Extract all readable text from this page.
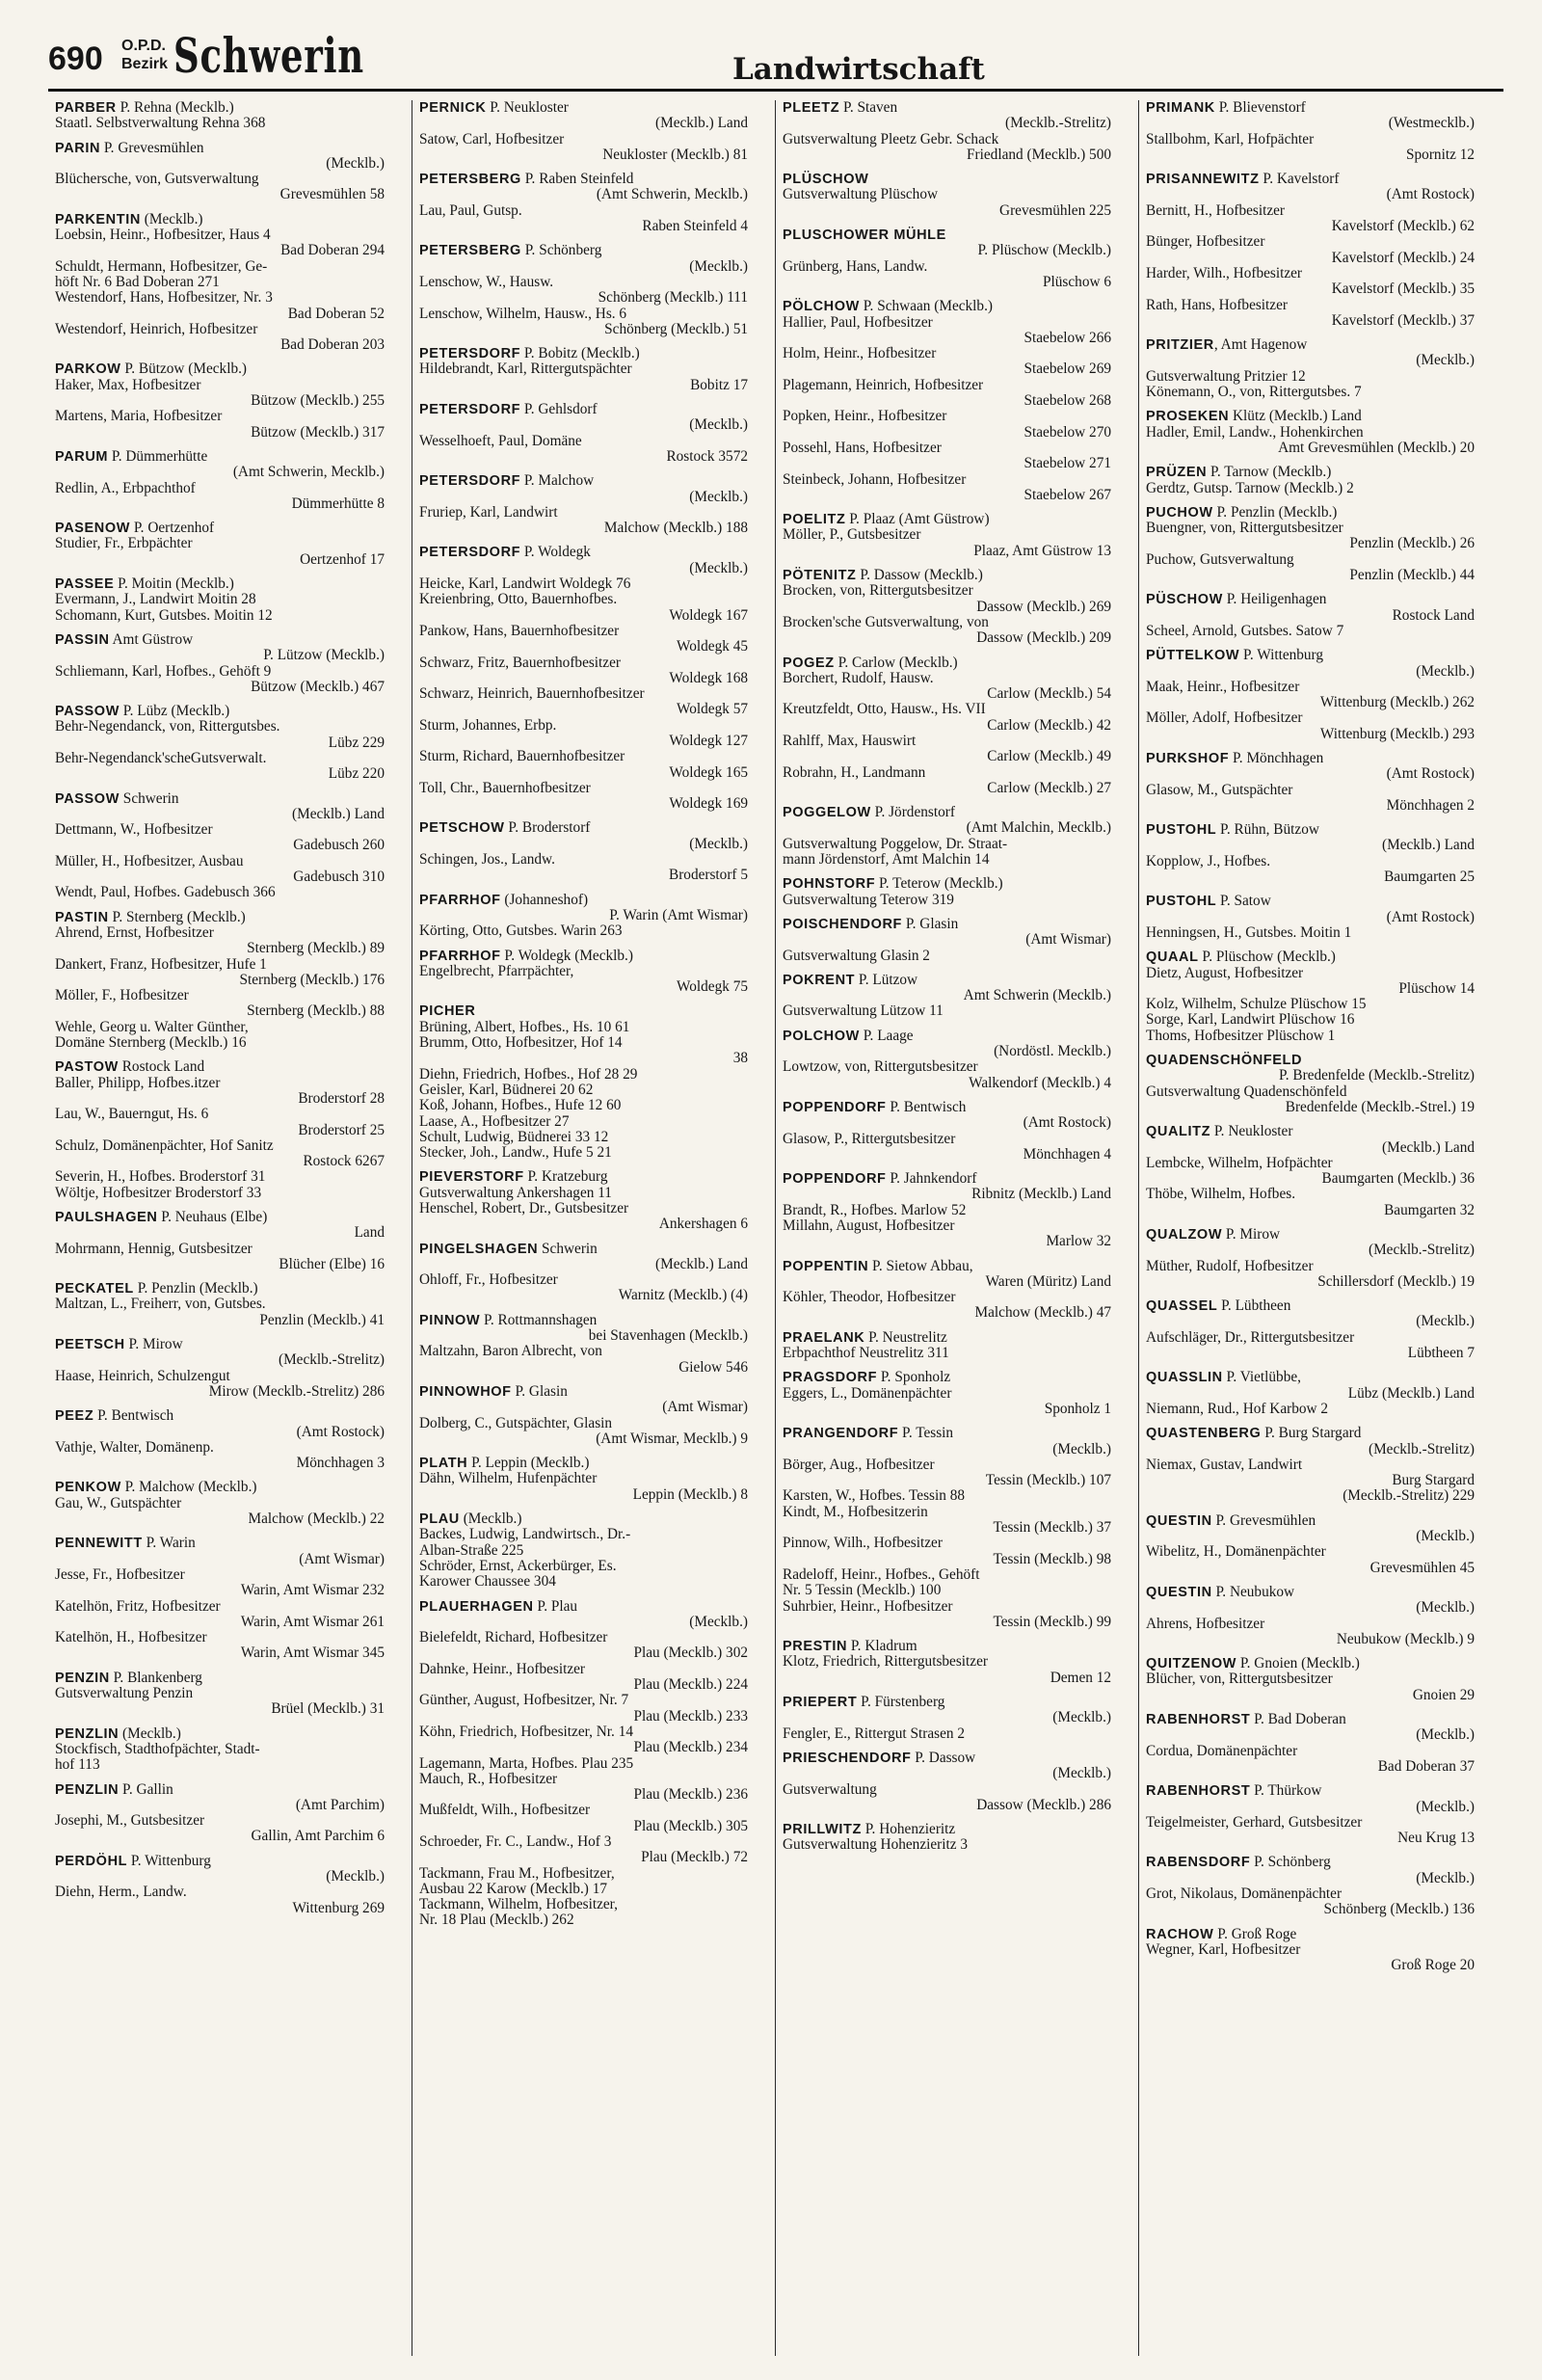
690 O.P.D.
Bezirk Schwerin	Landwirtschaft
PARBER P. Rehna (Mecklb.)
Staatl. Selbstverwaltung Rehna 368
PARIN P. Grevesmühlen
(Mecklb.)
Blüchersche, von, Gutsverwaltung
Grevesmühlen 58
PARKENTIN (Mecklb.)
Loebsin, Heinr., Hofbesitzer, Haus 4
Bad Doberan 294
Schuldt, Hermann, Hofbesitzer, Ge-
höft Nr. 6 Bad Doberan 271
Westendorf, Hans, Hofbesitzer, Nr. 3
Bad Doberan 52
Westendorf, Heinrich, Hofbesitzer
Bad Doberan 203
PARKOW P. Bützow (Mecklb.)
Haker, Max, Hofbesitzer
Bützow (Mecklb.) 255
Martens, Maria, Hofbesitzer
Bützow (Mecklb.) 317
PARUM P. Dümmerhütte
(Amt Schwerin, Mecklb.)
Redlin, A., Erbpachthof
Dümmerhütte 8
PASENOW P. Oertzenhof
Studier, Fr., Erbpächter
Oertzenhof 17
PASSEE P. Moitin (Mecklb.)
Evermann, J., Landwirt Moitin 28
Schomann, Kurt, Gutsbes. Moitin 12
PASSIN Amt Güstrow
P. Lützow (Mecklb.)
Schliemann, Karl, Hofbes., Gehöft 9
Bützow (Mecklb.) 467
PASSOW P. Lübz (Mecklb.)
Behr-Negendanck, von, Rittergutsbes.
Lübz 229
Behr-Negendanck'scheGutsverwalt.
Lübz 220
PASSOW Schwerin
(Mecklb.) Land
Dettmann, W., Hofbesitzer
Gadebusch 260
Müller, H., Hofbesitzer, Ausbau
Gadebusch 310
Wendt, Paul, Hofbes. Gadebusch 366
PASTIN P. Sternberg (Mecklb.)
Ahrend, Ernst, Hofbesitzer
Sternberg (Mecklb.) 89
Dankert, Franz, Hofbesitzer, Hufe 1
Sternberg (Mecklb.) 176
Möller, F., Hofbesitzer
Sternberg (Mecklb.) 88
Wehle, Georg u. Walter Günther,
Domäne Sternberg (Mecklb.) 16
PASTOW Rostock Land
Baller, Philipp, Hofbes.itzer
Broderstorf 28
Lau, W., Bauerngut, Hs. 6
Broderstorf 25
Schulz, Domänenpächter, Hof Sanitz
Rostock 6267
Severin, H., Hofbes. Broderstorf 31
Wöltje, Hofbesitzer Broderstorf 33
PAULSHAGEN P. Neuhaus (Elbe)
Land
Mohrmann, Hennig, Gutsbesitzer
Blücher (Elbe) 16
PECKATEL P. Penzlin (Mecklb.)
Maltzan, L., Freiherr, von, Gutsbes.
Penzlin (Mecklb.) 41
PEETSCH P. Mirow
(Mecklb.-Strelitz)
Haase, Heinrich, Schulzengut
Mirow (Mecklb.-Strelitz) 286
PEEZ P. Bentwisch
(Amt Rostock)
Vathje, Walter, Domänenp.
Mönchhagen 3
PENKOW P. Malchow (Mecklb.)
Gau, W., Gutspächter
Malchow (Mecklb.) 22
PENNEWITT P. Warin
(Amt Wismar)
Jesse, Fr., Hofbesitzer
Warin, Amt Wismar 232
Katelhön, Fritz, Hofbesitzer
Warin, Amt Wismar 261
Katelhön, H., Hofbesitzer
Warin, Amt Wismar 345
PENZIN P. Blankenberg
Gutsverwaltung Penzin
Brüel (Mecklb.) 31
PENZLIN (Mecklb.)
Stockfisch, Stadthofpächter, Stadt-
hof 113
PENZLIN P. Gallin
(Amt Parchim)
Josephi, M., Gutsbesitzer
Gallin, Amt Parchim 6
PERDÖHL P. Wittenburg
(Mecklb.)
Diehn, Herm., Landw.
Wittenburg 269
PERNICK P. Neukloster
(Mecklb.) Land
Satow, Carl, Hofbesitzer
Neukloster (Mecklb.) 81
PETERSBERG P. Raben Steinfeld
(Amt Schwerin, Mecklb.)
Lau, Paul, Gutsp.
Raben Steinfeld 4
PETERSBERG P. Schönberg
(Mecklb.)
Lenschow, W., Hausw.
Schönberg (Mecklb.) 111
Lenschow, Wilhelm, Hausw., Hs. 6
Schönberg (Mecklb.) 51
PETERSDORF P. Bobitz (Mecklb.)
Hildebrandt, Karl, Rittergutspächter
Bobitz 17
PETERSDORF P. Gehlsdorf
(Mecklb.)
Wesselhoeft, Paul, Domäne
Rostock 3572
PETERSDORF P. Malchow
(Mecklb.)
Fruriep, Karl, Landwirt
Malchow (Mecklb.) 188
PETERSDORF P. Woldegk
(Mecklb.)
Heicke, Karl, Landwirt Woldegk 76
Kreienbring, Otto, Bauernhofbes.
Woldegk 167
Pankow, Hans, Bauernhofbesitzer
Woldegk 45
Schwarz, Fritz, Bauernhofbesitzer
Woldegk 168
Schwarz, Heinrich, Bauernhofbesitzer
Woldegk 57
Sturm, Johannes, Erbp.
Woldegk 127
Sturm, Richard, Bauernhofbesitzer
Woldegk 165
Toll, Chr., Bauernhofbesitzer
Woldegk 169
PETSCHOW P. Broderstorf
(Mecklb.)
Schingen, Jos., Landw.
Broderstorf 5
PFARRHOF (Johanneshof)
P. Warin (Amt Wismar)
Körting, Otto, Gutsbes. Warin 263
PFARRHOF P. Woldegk (Mecklb.)
Engelbrecht, Pfarrpächter,
Woldegk 75
PICHER
Brüning, Albert, Hofbes., Hs. 10 61
Brumm, Otto, Hofbesitzer, Hof 14
38
Diehn, Friedrich, Hofbes., Hof 28 29
Geisler, Karl, Büdnerei 20 62
Koß, Johann, Hofbes., Hufe 12 60
Laase, A., Hofbesitzer 27
Schult, Ludwig, Büdnerei 33 12
Stecker, Joh., Landw., Hufe 5 21
PIEVERSTORF P. Kratzeburg
Gutsverwaltung Ankershagen 11
Henschel, Robert, Dr., Gutsbesitzer
Ankershagen 6
PINGELSHAGEN Schwerin
(Mecklb.) Land
Ohloff, Fr., Hofbesitzer
Warnitz (Mecklb.) (4)
PINNOW P. Rottmannshagen
bei Stavenhagen (Mecklb.)
Maltzahn, Baron Albrecht, von
Gielow 546
PINNOWHOF P. Glasin
(Amt Wismar)
Dolberg, C., Gutspächter, Glasin
(Amt Wismar, Mecklb.) 9
PLATH P. Leppin (Mecklb.)
Dähn, Wilhelm, Hufenpächter
Leppin (Mecklb.) 8
PLAU (Mecklb.)
Backes, Ludwig, Landwirtsch., Dr.-
Alban-Straße 225
Schröder, Ernst, Ackerbürger, Es.
Karower Chaussee 304
PLAUERHAGEN P. Plau
(Mecklb.)
Bielefeldt, Richard, Hofbesitzer
Plau (Mecklb.) 302
Dahnke, Heinr., Hofbesitzer
Plau (Mecklb.) 224
Günther, August, Hofbesitzer, Nr. 7
Plau (Mecklb.) 233
Köhn, Friedrich, Hofbesitzer, Nr. 14
Plau (Mecklb.) 234
Lagemann, Marta, Hofbes. Plau 235
Mauch, R., Hofbesitzer
Plau (Mecklb.) 236
Mußfeldt, Wilh., Hofbesitzer
Plau (Mecklb.) 305
Schroeder, Fr. C., Landw., Hof 3
Plau (Mecklb.) 72
Tackmann, Frau M., Hofbesitzer,
Ausbau 22 Karow (Mecklb.) 17
Tackmann, Wilhelm, Hofbesitzer,
Nr. 18 Plau (Mecklb.) 262
PLEETZ P. Staven
(Mecklb.-Strelitz)
Gutsverwaltung Pleetz Gebr. Schack
Friedland (Mecklb.) 500
PLÜSCHOW
Gutsverwaltung Plüschow
Grevesmühlen 225
PLUSCHOWER MÜHLE
P. Plüschow (Mecklb.)
Grünberg, Hans, Landw.
Plüschow 6
PÖLCHOW P. Schwaan (Mecklb.)
Hallier, Paul, Hofbesitzer
Staebelow 266
Holm, Heinr., Hofbesitzer
Staebelow 269
Plagemann, Heinrich, Hofbesitzer
Staebelow 268
Popken, Heinr., Hofbesitzer
Staebelow 270
Possehl, Hans, Hofbesitzer
Staebelow 271
Steinbeck, Johann, Hofbesitzer
Staebelow 267
POELITZ P. Plaaz (Amt Güstrow)
Möller, P., Gutsbesitzer
Plaaz, Amt Güstrow 13
PÖTENITZ P. Dassow (Mecklb.)
Brocken, von, Rittergutsbesitzer
Dassow (Mecklb.) 269
Brocken'sche Gutsverwaltung, von
Dassow (Mecklb.) 209
POGEZ P. Carlow (Mecklb.)
Borchert, Rudolf, Hausw.
Carlow (Mecklb.) 54
Kreutzfeldt, Otto, Hausw., Hs. VII
Carlow (Mecklb.) 42
Rahlff, Max, Hauswirt
Carlow (Mecklb.) 49
Robrahn, H., Landmann
Carlow (Mecklb.) 27
POGGELOW P. Jördenstorf
(Amt Malchin, Mecklb.)
Gutsverwaltung Poggelow, Dr. Straat-
mann Jördenstorf, Amt Malchin 14
POHNSTORF P. Teterow (Mecklb.)
Gutsverwaltung Teterow 319
POISCHENDORF P. Glasin
(Amt Wismar)
Gutsverwaltung Glasin 2
POKRENT P. Lützow
Amt Schwerin (Mecklb.)
Gutsverwaltung Lützow 11
POLCHOW P. Laage
(Nordöstl. Mecklb.)
Lowtzow, von, Rittergutsbesitzer
Walkendorf (Mecklb.) 4
POPPENDORF P. Bentwisch
(Amt Rostock)
Glasow, P., Rittergutsbesitzer
Mönchhagen 4
POPPENDORF P. Jahnkendorf
Ribnitz (Mecklb.) Land
Brandt, R., Hofbes. Marlow 52
Millahn, August, Hofbesitzer
Marlow 32
POPPENTIN P. Sietow Abbau,
Waren (Müritz) Land
Köhler, Theodor, Hofbesitzer
Malchow (Mecklb.) 47
PRAELANK P. Neustrelitz
Erbpachthof Neustrelitz 311
PRAGSDORF P. Sponholz
Eggers, L., Domänenpächter
Sponholz 1
PRANGENDORF P. Tessin
(Mecklb.)
Börger, Aug., Hofbesitzer
Tessin (Mecklb.) 107
Karsten, W., Hofbes. Tessin 88
Kindt, M., Hofbesitzerin
Tessin (Mecklb.) 37
Pinnow, Wilh., Hofbesitzer
Tessin (Mecklb.) 98
Radeloff, Heinr., Hofbes., Gehöft
Nr. 5 Tessin (Mecklb.) 100
Suhrbier, Heinr., Hofbesitzer
Tessin (Mecklb.) 99
PRESTIN P. Kladrum
Klotz, Friedrich, Rittergutsbesitzer
Demen 12
PRIEPERT P. Fürstenberg
(Mecklb.)
Fengler, E., Rittergut Strasen 2
PRIESCHENDORF P. Dassow
(Mecklb.)
Gutsverwaltung
Dassow (Mecklb.) 286
PRILLWITZ P. Hohenzieritz
Gutsverwaltung Hohenzieritz 3
PRIMANK P. Blievenstorf
(Westmecklb.)
Stallbohm, Karl, Hofpächter
Spornitz 12
PRISANNEWITZ P. Kavelstorf
(Amt Rostock)
Bernitt, H., Hofbesitzer
Kavelstorf (Mecklb.) 62
Bünger, Hofbesitzer
Kavelstorf (Mecklb.) 24
Harder, Wilh., Hofbesitzer
Kavelstorf (Mecklb.) 35
Rath, Hans, Hofbesitzer
Kavelstorf (Mecklb.) 37
PRITZIER, Amt Hagenow
(Mecklb.)
Gutsverwaltung Pritzier 12
Könemann, O., von, Rittergutsbes. 7
PROSEKEN Klütz (Mecklb.) Land
Hadler, Emil, Landw., Hohenkirchen
Amt Grevesmühlen (Mecklb.) 20
PRÜZEN P. Tarnow (Mecklb.)
Gerdtz, Gutsp. Tarnow (Mecklb.) 2
PUCHOW P. Penzlin (Mecklb.)
Buengner, von, Rittergutsbesitzer
Penzlin (Mecklb.) 26
Puchow, Gutsverwaltung
Penzlin (Mecklb.) 44
PÜSCHOW P. Heiligenhagen
Rostock Land
Scheel, Arnold, Gutsbes. Satow 7
PÜTTELKOW P. Wittenburg
(Mecklb.)
Maak, Heinr., Hofbesitzer
Wittenburg (Mecklb.) 262
Möller, Adolf, Hofbesitzer
Wittenburg (Mecklb.) 293
PURKSHOF P. Mönchhagen
(Amt Rostock)
Glasow, M., Gutspächter
Mönchhagen 2
PUSTOHL P. Rühn, Bützow
(Mecklb.) Land
Kopplow, J., Hofbes.
Baumgarten 25
PUSTOHL P. Satow
(Amt Rostock)
Henningsen, H., Gutsbes. Moitin 1
QUAAL P. Plüschow (Mecklb.)
Dietz, August, Hofbesitzer
Plüschow 14
Kolz, Wilhelm, Schulze Plüschow 15
Sorge, Karl, Landwirt Plüschow 16
Thoms, Hofbesitzer Plüschow 1
QUADENSCHÖNFELD
P. Bredenfelde (Mecklb.-Strelitz)
Gutsverwaltung Quadenschönfeld
Bredenfelde (Mecklb.-Strel.) 19
QUALITZ P. Neukloster
(Mecklb.) Land
Lembcke, Wilhelm, Hofpächter
Baumgarten (Mecklb.) 36
Thöbe, Wilhelm, Hofbes.
Baumgarten 32
QUALZOW P. Mirow
(Mecklb.-Strelitz)
Müther, Rudolf, Hofbesitzer
Schillersdorf (Mecklb.) 19
QUASSEL P. Lübtheen
(Mecklb.)
Aufschläger, Dr., Rittergutsbesitzer
Lübtheen 7
QUASSLIN P. Vietlübbe,
Lübz (Mecklb.) Land
Niemann, Rud., Hof Karbow 2
QUASTENBERG P. Burg Stargard
(Mecklb.-Strelitz)
Niemax, Gustav, Landwirt
Burg Stargard
(Mecklb.-Strelitz) 229
QUESTIN P. Grevesmühlen
(Mecklb.)
Wibelitz, H., Domänenpächter
Grevesmühlen 45
QUESTIN P. Neubukow
(Mecklb.)
Ahrens, Hofbesitzer
Neubukow (Mecklb.) 9
QUITZENOW P. Gnoien (Mecklb.)
Blücher, von, Rittergutsbesitzer
Gnoien 29
RABENHORST P. Bad Doberan
(Mecklb.)
Cordua, Domänenpächter
Bad Doberan 37
RABENHORST P. Thürkow
(Mecklb.)
Teigelmeister, Gerhard, Gutsbesitzer
Neu Krug 13
RABENSDORF P. Schönberg
(Mecklb.)
Grot, Nikolaus, Domänenpächter
Schönberg (Mecklb.) 136
RACHOW P. Groß Roge
Wegner, Karl, Hofbesitzer
Groß Roge 20
